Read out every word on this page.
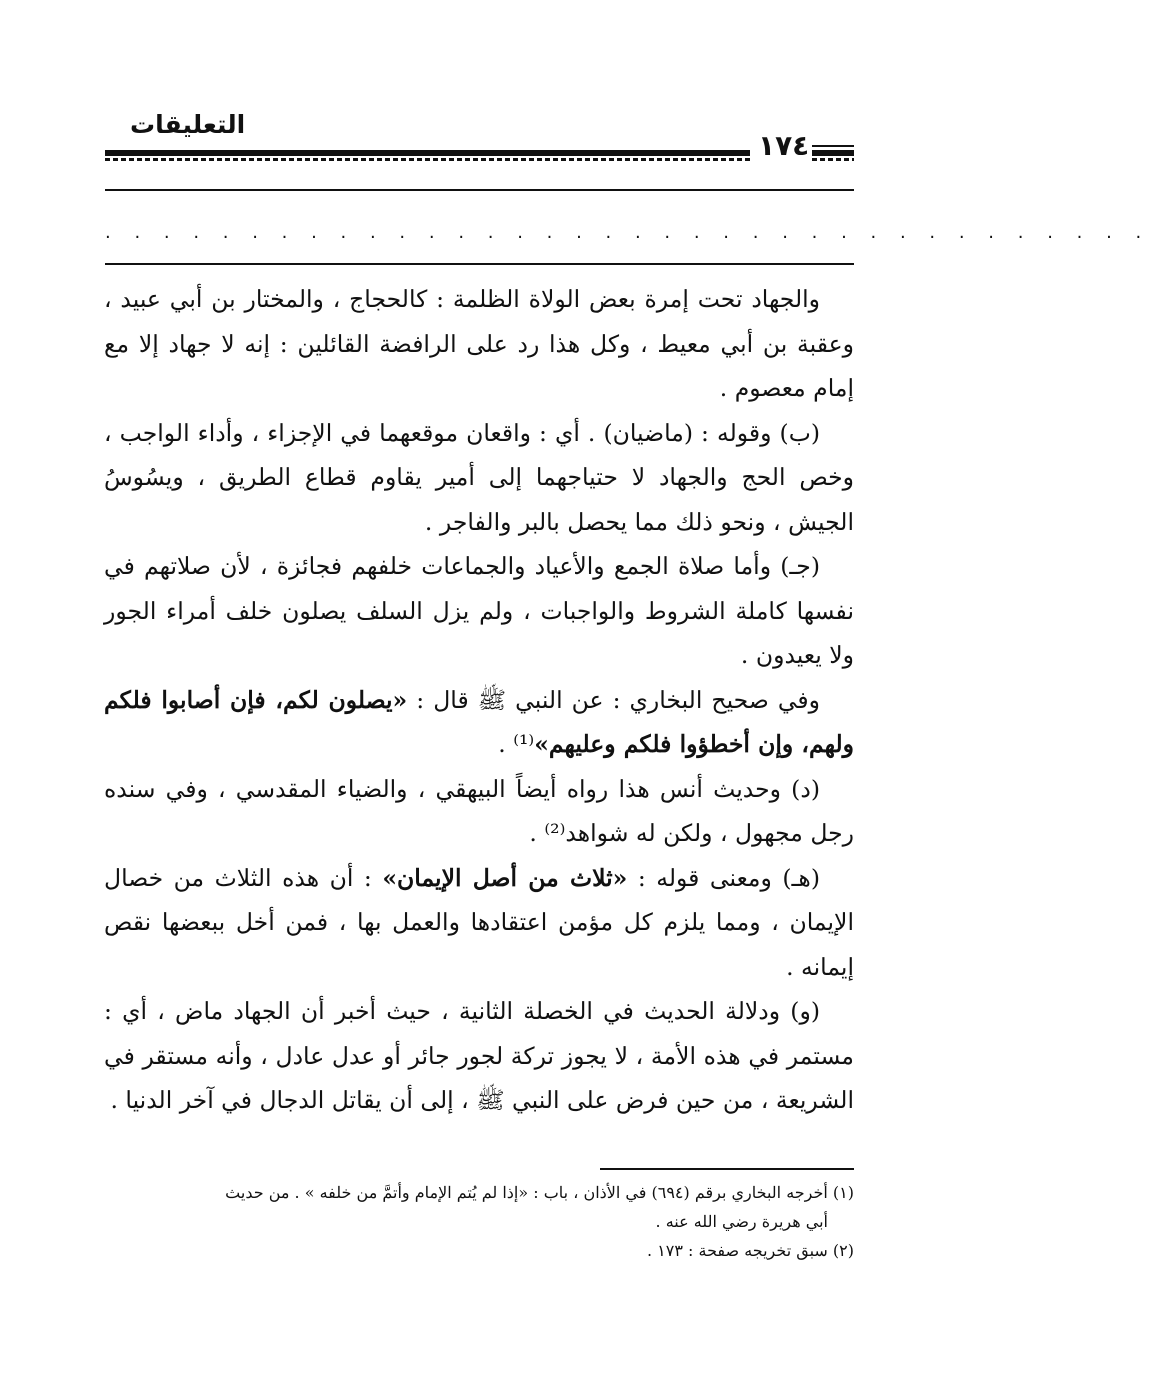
التعليقات
١٧٤
. . . . . . . . . . . . . . . . . . . . . . . . . . . . . . . . . . . .

والجهاد تحت إمرة بعض الولاة الظلمة : كالحجاج ، والمختار بن أبي عبيد ، وعقبة بن أبي معيط ، وكل هذا رد على الرافضة القائلين : إنه لا جهاد إلا مع إمام معصوم .

(ب) وقوله : (ماضيان) . أي : واقعان موقعهما في الإجزاء ، وأداء الواجب ، وخص الحج والجهاد لا حتياجهما إلى أمير يقاوم قطاع الطريق ، ويسُوسُ الجيش ، ونحو ذلك مما يحصل بالبر والفاجر .

(جـ) وأما صلاة الجمع والأعياد والجماعات خلفهم فجائزة ، لأن صلاتهم في نفسها كاملة الشروط والواجبات ، ولم يزل السلف يصلون خلف أمراء الجور ولا يعيدون .

وفي صحيح البخاري : عن النبي ﷺ قال : «يصلون لكم، فإن أصابوا فلكم ولهم، وإن أخطؤوا فلكم وعليهم»⁽¹⁾ .

(د) وحديث أنس هذا رواه أيضاً البيهقي ، والضياء المقدسي ، وفي سنده رجل مجهول ، ولكن له شواهد⁽²⁾ .

(هـ) ومعنى قوله : «ثلاث من أصل الإيمان» : أن هذه الثلاث من خصال الإيمان ، ومما يلزم كل مؤمن اعتقادها والعمل بها ، فمن أخل ببعضها نقص إيمانه .

(و) ودلالة الحديث في الخصلة الثانية ، حيث أخبر أن الجهاد ماض ، أي : مستمر في هذه الأمة ، لا يجوز تركة لجور جائر أو عدل عادل ، وأنه مستقر في الشريعة ، من حين فرض على النبي ﷺ ، إلى أن يقاتل الدجال في آخر الدنيا .

(١) أخرجه البخاري برقم (٦٩٤) في الأذان ، باب : «إذا لم يُتم الإمام وأتمَّ من خلفه » . من حديث

أبي هريرة رضي الله عنه .

(٢) سبق تخريجه صفحة : ١٧٣ .
